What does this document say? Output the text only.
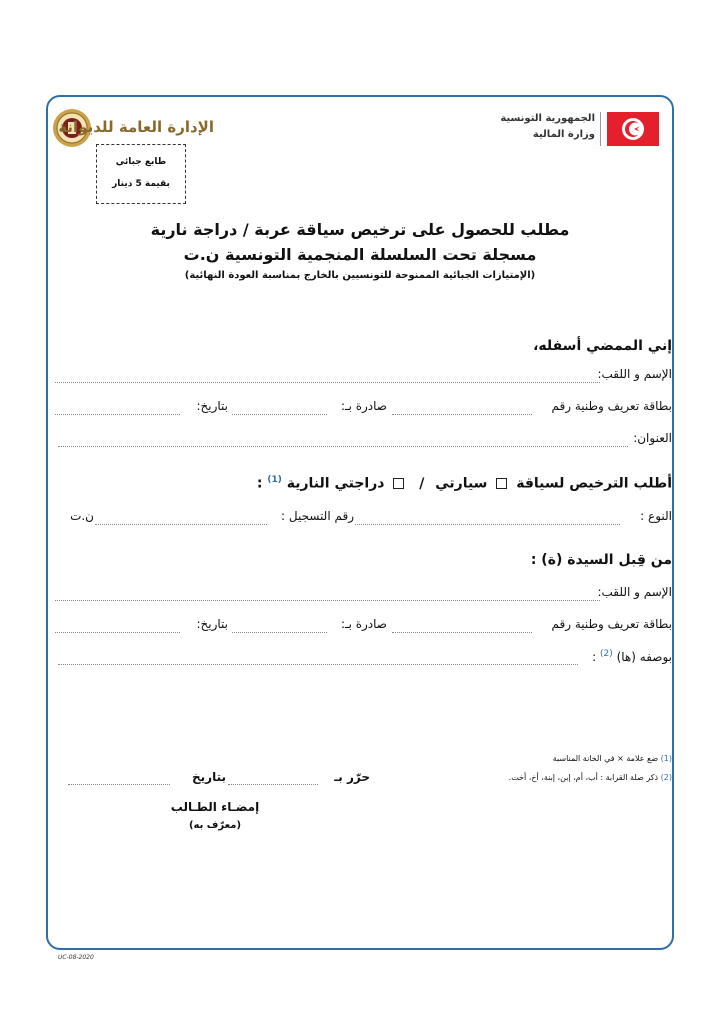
الإدارة العامة للديوانة
طابع جبائي
بقيمة 5 دينار
الجمهورية التونسية
وزارة المالية
مطلب للحصول على ترخيص سياقة عربة / دراجة نارية
مسجلة تحت السلسلة المنجمية التونسية ن.ت
(الإمتيازات الجبائية الممنوحة للتونسيين بالخارج بمناسبة العودة النهائية)
إني الممضي أسفله،
الإسم و اللقب:
بطاقة تعريف وطنية رقم
صادرة بـ:
بتاريخ:
العنوان:
أطلب الترخيص لسياقة  سيارتي /  دراجتي النارية $^{(1)}$ :
النوع :
رقم التسجيل :
ن.ت
من قِبل السيدة (ة) :
الإسم و اللقب:
بطاقة تعريف وطنية رقم
صادرة بـ:
بتاريخ:
بوصفه (ها) $^{(2)}$ :
(1) ضع علامة × في الخانة المناسبة
(2) ذكر صلة القرابة : أب، أم، إبن، إبنة، أخ، أخت.
حرّر بـ
بتاريخ
إمضـاء الطـالب
(معرّف به)
UC-08-2020
